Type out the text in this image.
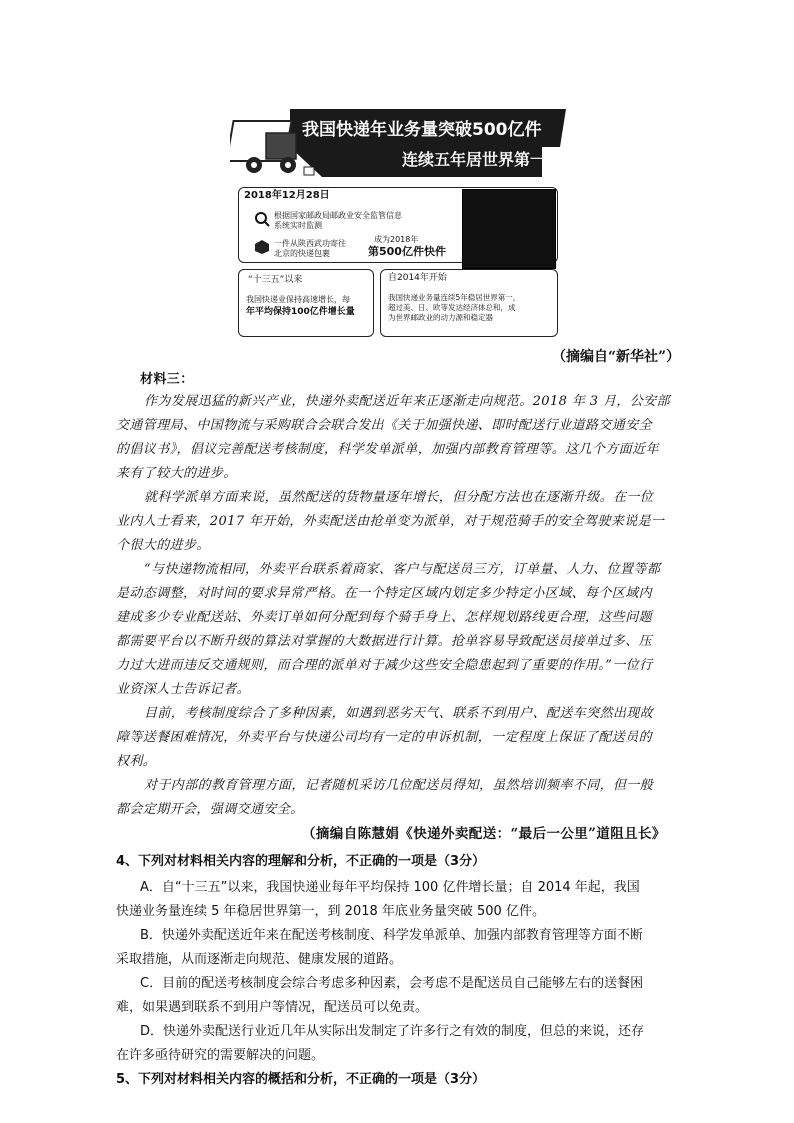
我国快递年业务量突破500亿件
连续五年居世界第一
2018年12月28日
根据国家邮政局邮政业安全监管信息
系统实时监测
一件从陕西武功寄往
北京的快递包裹
成为2018年
第500亿件快件
“十三五”以来
我国快递业保持高速增长，每
年平均保持100亿件增长量
自2014年开始
我国快递业务量连续5年稳居世界第一，
超过美、日、欧等发达经济体总和，成
为世界邮政业的动力源和稳定器
（摘编自“新华社”）
材料三：
作为发展迅猛的新兴产业，快递外卖配送近年来正逐渐走向规范。2018 年 3 月，公安部
交通管理局、中国物流与采购联合会联合发出《关于加强快递、即时配送行业道路交通安全
的倡议书》，倡议完善配送考核制度，科学发单派单，加强内部教育管理等。这几个方面近年
来有了较大的进步。
就科学派单方面来说，虽然配送的货物量逐年增长，但分配方法也在逐渐升级。在一位
业内人士看来，2017 年开始，外卖配送由抢单变为派单，对于规范骑手的安全驾驶来说是一
个很大的进步。
“与快递物流相同，外卖平台联系着商家、客户与配送员三方，订单量、人力、位置等都
是动态调整，对时间的要求异常严格。在一个特定区域内划定多少特定小区域、每个区域内
建成多少专业配送站、外卖订单如何分配到每个骑手身上、怎样规划路线更合理，这些问题
都需要平台以不断升级的算法对掌握的大数据进行计算。抢单容易导致配送员接单过多、压
力过大进而违反交通规则，而合理的派单对于减少这些安全隐患起到了重要的作用。”一位行
业资深人士告诉记者。
目前，考核制度综合了多种因素，如遇到恶劣天气、联系不到用户、配送车突然出现故
障等送餐困难情况，外卖平台与快递公司均有一定的申诉机制，一定程度上保证了配送员的
权利。
对于内部的教育管理方面，记者随机采访几位配送员得知，虽然培训频率不同，但一般
都会定期开会，强调交通安全。
（摘编自陈慧娟《快递外卖配送：“最后一公里”道阻且长》
4、下列对材料相关内容的理解和分析，不正确的一项是（3分）
A．自“十三五”以来，我国快递业每年平均保持 100 亿件增长量；自 2014 年起，我国
快递业务量连续 5 年稳居世界第一，到 2018 年底业务量突破 500 亿件。
B．快递外卖配送近年来在配送考核制度、科学发单派单、加强内部教育管理等方面不断
采取措施，从而逐渐走向规范、健康发展的道路。
C．目前的配送考核制度会综合考虑多种因素，会考虑不是配送员自己能够左右的送餐困
难，如果遇到联系不到用户等情况，配送员可以免责。
D．快递外卖配送行业近几年从实际出发制定了许多行之有效的制度，但总的来说，还存
在许多亟待研究的需要解决的问题。
5、下列对材料相关内容的概括和分析，不正确的一项是（3分）
